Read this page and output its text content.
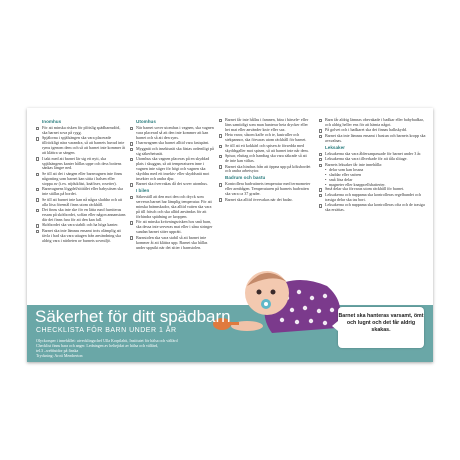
Inomhus
För att minska risken för plötslig spädbarnsdöd, ska barnet sova på rygg.
Spjälorna i spjälsängen ska vara placerade tillräckligt nära varandra, så att barnets huvud inte ryms igenom dem och så att barnet inte kommer åt att klättra ur sängen.
I takt med att barnet lär sig ett nytt, ska spjälsängens kanter hållas uppe och dess bottens sänkas längre ned.
Se till att det i sängen eller barnvagnen inte finns någonting som barnet kan sätta i halsen eller stoppa av (t.ex. nijdukfäst, knäfixer, rosetter).
Barnvagnens löggdel/sitttålet eller babysitsen ska inte ställas på bordet.
Se till att barnet inte kan nå några sladdar och att alla lösa föremål finns utom räckhåll.
Det finns ska inte ske för en lätta rund furniteras ersam på skötbordet, soffan eller någon annanstans där det finns fara för att den kan fall.
Skötbordet ska vara stabilt och ha höga kanter.
Barnet ska inte lämnas ensamt trots olämplig att tävla i bad ska vara uttagen från användning ska aldrig vara i närheten av barnets sovmiljö.
Utomhus
När barnet sover utomhus i vagnen, ska vagnen vara placerad så att den inte kommer att kan barnet och så att den syns.
I barnvagnen ska barnet alltid vara fastspänt.
Myggnät och insektsnät ska fästas ordentligt på sig säkerhetsnät.
Utomhus ska vagnen placeras på en skyddad plats i skuggan, så att temperaturen inne i vagnen inte stiger för högt och vagnen ska skyddas med ett insekts- eller skyddsnät mot insekter och andra djur.
Barnet ska övervakas då det sover utomhus.
I bilen
Säkerställ att den mot den och dryck som serveras barnet har lämplig temperatur. För att minska brännskador, ska alltid vatten ska vara på till fräsch och ska alltid användas för att förhindra spädning av kroppen.
För att minska kvävningsrisken hos små barn, ska dessa inte serveras mat eller i såna stringer sundan barnet sitter upprätt.
Barnstolen ska vara stabil så att barnet inte kommer åt att klättra upp. Barnet ska hållas under uppsikt när det sitter i barnstolen.
Barnet får inte hållas i famnen, bära i bärsele- eller läns samtidigt som man hanterar heta drycker eller het mat eller använder kniv eller sax.
Heta varor, såsom kaffe och te, kastruller och stekpannor, ska förvaras utom räckhåll för barnet.
Se till att ett kokkärl och spisen är försedda med skyddsgaller mot spisen, så att barnet inte når dem.
Spisar, eluttag och handtag ska vara säkrade så att de inte kan vältas.
Barnet ska hindras från att öppna upp på köksbordet och andra arbetsytor.
Badrum och bastu
Kontrollera badvattnets temperatur med termometer eller armbågen. Temperaturen på barnets badvatten ska vara ca 37 grader.
Barnet ska alltid övervakas när det badar.
Barn får aldrig lämnas obevakade i badkar eller babybadkar, och aldrig heller ens för att hämta något.
På golvet och i badkaret ska det finnas halkskydd.
Barnet ska inte lämnas ensamt i bastun och barnets kropp ska avsvalnas.
Leksaker
Leksakerna ska vara åldersanpassade för barnet under 3 år.
Leksakerna ska vara tillverkade för att tåla slitage.
Barnets leksaker får inte innehålla:
• delar som kan lossna
• sladdar eller snören
• små lösa delar
• magneter eller knappcellsbatterier.
Små delar ska förvaras utom räckhåll för barnet.
Leksakerna och nappama ska kontrolleras regelbundet och trasiga delar ska tas bort.
Leksakerna och nappama ska kontrolleras ofta och de trasiga ska ersättas.
Säkerhet för ditt spädbarn
CHECKLISTA FÖR BARN UNDER 1 ÅR
Olyckorsper i innehållet: utvecklingschef Ulla Korpilahti, Institutet för hälsa och välfärd
Checklist finns bara och anger. Ledningen av heltejidat av hälsa och välfärd,
tel.3 –webbsidor på finska
Tryckning: Aroti Memberton
Barnet ska hanteras varsamt, ömt och lugnt och det får aldrig skakas.
